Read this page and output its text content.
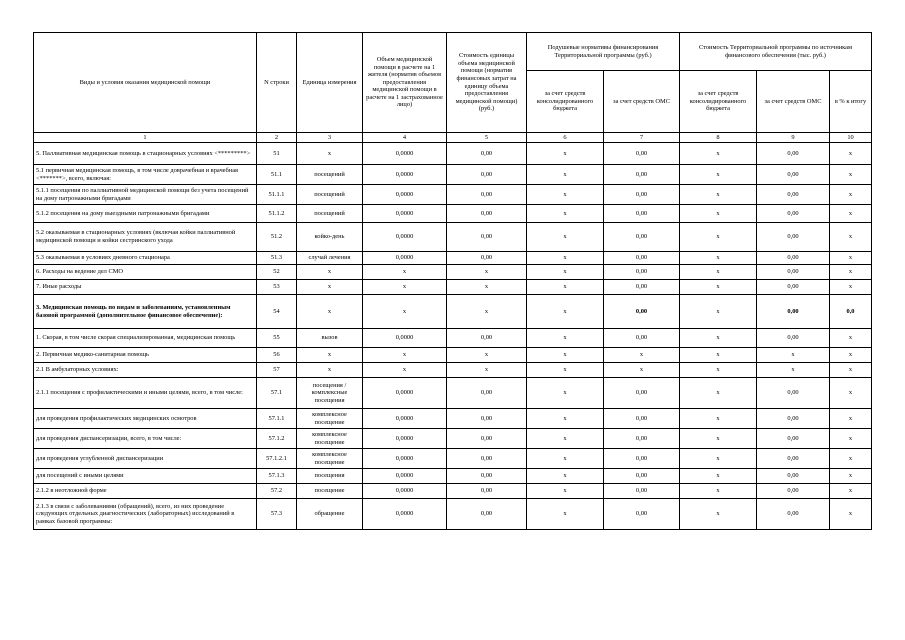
Виды и условия оказания медицинской помощи	N строки	Единица измерения	Объем медицинской помощи в расчете на 1 жителя (норматив объемов предоставления медицинской помощи в расчете на 1 застрахованное лицо)	Стоимость единицы объема медицинской помощи (норматив финансовых затрат на единицу объема предоставления медицинской помощи) (руб.)	Подушевые нормативы финансирования Территориальной программы (руб.)		Стоимость Территориальной программы по источникам финансового обеспечения (тыс. руб.)		
					за счет средств консолидированного бюджета	за счет средств ОМС	за счет средств консолидированного бюджета	за счет средств ОМС	в % к итогу
1	2	3	4	5	6	7	8	9	10
5. Паллиативная медицинская помощь в стационарных условиях <*********>	51	x	0,0000	0,00	x	0,00	x	0,00	x
5.1 первичная медицинская помощь, в том числе доврачебная и врачебная <*******>, всего, включая:	51.1	посещений	0,0000	0,00	x	0,00	x	0,00	x
5.1.1 посещения по паллиативной медицинской помощи без учета посещений на дому патронажными бригадами	51.1.1	посещений	0,0000	0,00	x	0,00	x	0,00	x
5.1.2 посещения на дому выездными патронажными бригадами	51.1.2	посещений	0,0000	0,00	x	0,00	x	0,00	x
5.2 оказываемая в стационарных условиях (включая койки паллиативной медицинской помощи и койки сестринского ухода	51.2	койко-день	0,0000	0,00	x	0,00	x	0,00	x
5.3 оказываемая в условиях дневного стационара	51.3	случай лечения	0,0000	0,00	x	0,00	x	0,00	x
6. Расходы на ведение дел СМО	52	x	x	x	x	0,00	x	0,00	x
7. Иные расходы	53	x	x	x	x	0,00	x	0,00	x
3. Медицинская помощь по видам и заболеваниям, установленным базовой программой (дополнительное финансовое обеспечение):	54	x	x	x	x	0,00	x	0,00	0,0
1. Скорая, в том числе скорая специализированная, медицинская помощь	55	вызов	0,0000	0,00	x	0,00	x	0,00	x
2. Первичная медико-санитарная помощь	56	x	x	x	x	x	x	x	x
2.1 В амбулаторных условиях:	57	x	x	x	x	x	x	x	x
2.1.1 посещения с профилактическими и иными целями, всего, в том числе:	57.1	посещения / комплексные посещения	0,0000	0,00	x	0,00	x	0,00	x
для проведения профилактических медицинских осмотров	57.1.1	комплексное посещение	0,0000	0,00	x	0,00	x	0,00	x
для проведения диспансеризации, всего, в том числе:	57.1.2	комплексное посещение	0,0000	0,00	x	0,00	x	0,00	x
для проведения углубленной диспансеризации	57.1.2.1	комплексное посещение	0,0000	0,00	x	0,00	x	0,00	x
для посещений с иными целями	57.1.3	посещения	0,0000	0,00	x	0,00	x	0,00	x
2.1.2 в неотложной форме	57.2	посещение	0,0000	0,00	x	0,00	x	0,00	x
2.1.3 в связи с заболеваниями (обращений), всего, из них проведение следующих отдельных диагностических (лабораторных) исследований в рамках базовой программы:	57.3	обращение	0,0000	0,00	x	0,00	x	0,00	x
